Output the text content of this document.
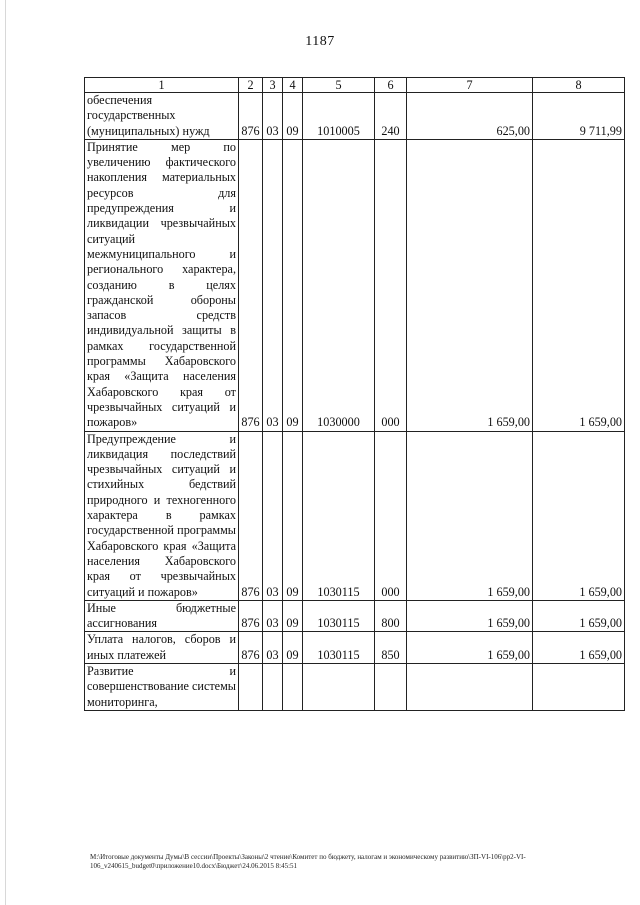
1187
1	2	3	4	5	6	7	8
обеспечения
государственных
(муниципальных) нужд	876	03	09	1010005	240	625,00	9 711,99
Принятие мер по увеличению фактического накопления материальных ресурсов для предупреждения и ликвидации чрезвычайных ситуаций межмуниципального и регионального характера, созданию в целях гражданской обороны запасов средств индивидуальной защиты в рамках государственной программы Хабаровского края «Защита населения Хабаровского края от чрезвычайных ситуаций и пожаров»	876	03	09	1030000	000	1 659,00	1 659,00
Предупреждение и ликвидация последствий чрезвычайных ситуаций и стихийных бедствий природного и техногенного характера в рамках государственной программы Хабаровского края «Защита населения Хабаровского края от чрезвычайных ситуаций и пожаров»	876	03	09	1030115	000	1 659,00	1 659,00
Иные бюджетные ассигнования	876	03	09	1030115	800	1 659,00	1 659,00
Уплата налогов, сборов и иных платежей	876	03	09	1030115	850	1 659,00	1 659,00
Развитие и совершенствование системы мониторинга,							
M:\Итоговые документы Думы\В сессии\Проекты\Законы\2 чтение\Комитет по бюджету, налогам и экономическому развитию\ЗП-VI-106\pp2-VI-106_v240615_budget0\приложение10.docx\Бюджет\24.06.2015 8:45:51
